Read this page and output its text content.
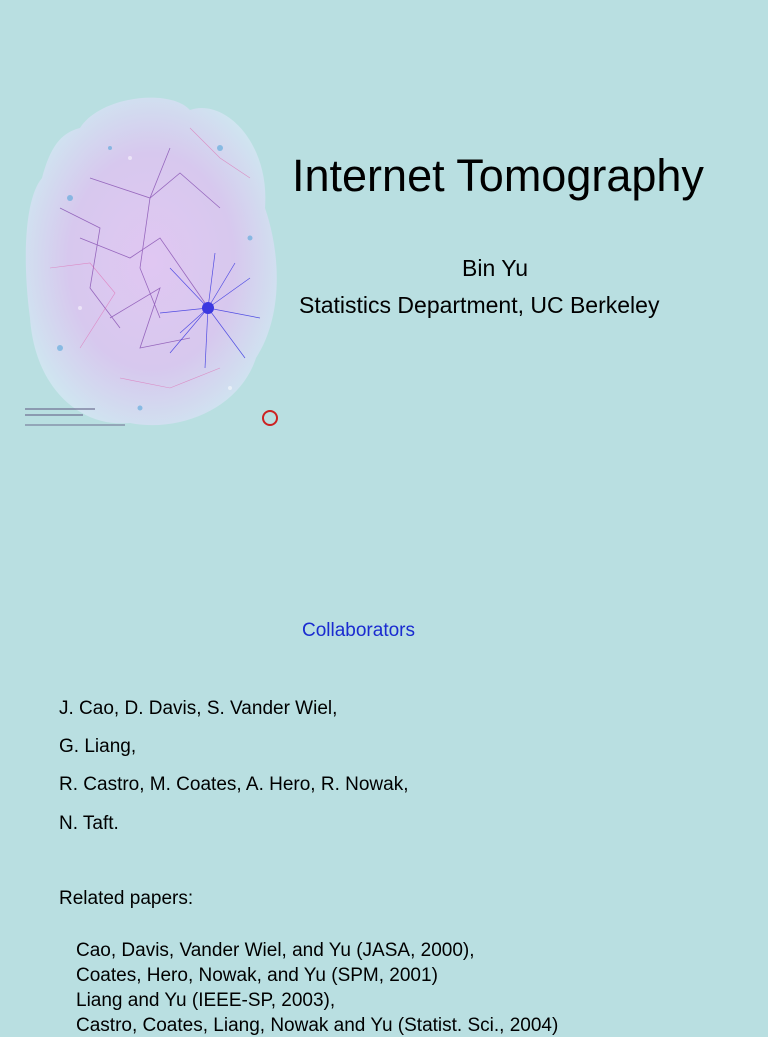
Internet Tomography
Bin Yu
Statistics Department, UC Berkeley
Collaborators
J. Cao, D. Davis, S. Vander Wiel,
G. Liang,
R. Castro, M. Coates, A. Hero, R. Nowak,
N. Taft.
Related papers:
Cao, Davis, Vander Wiel, and Yu (JASA, 2000),
Coates, Hero, Nowak, and Yu (SPM, 2001)
Liang and Yu (IEEE-SP, 2003),
Castro, Coates, Liang, Nowak and Yu (Statist. Sci., 2004)
